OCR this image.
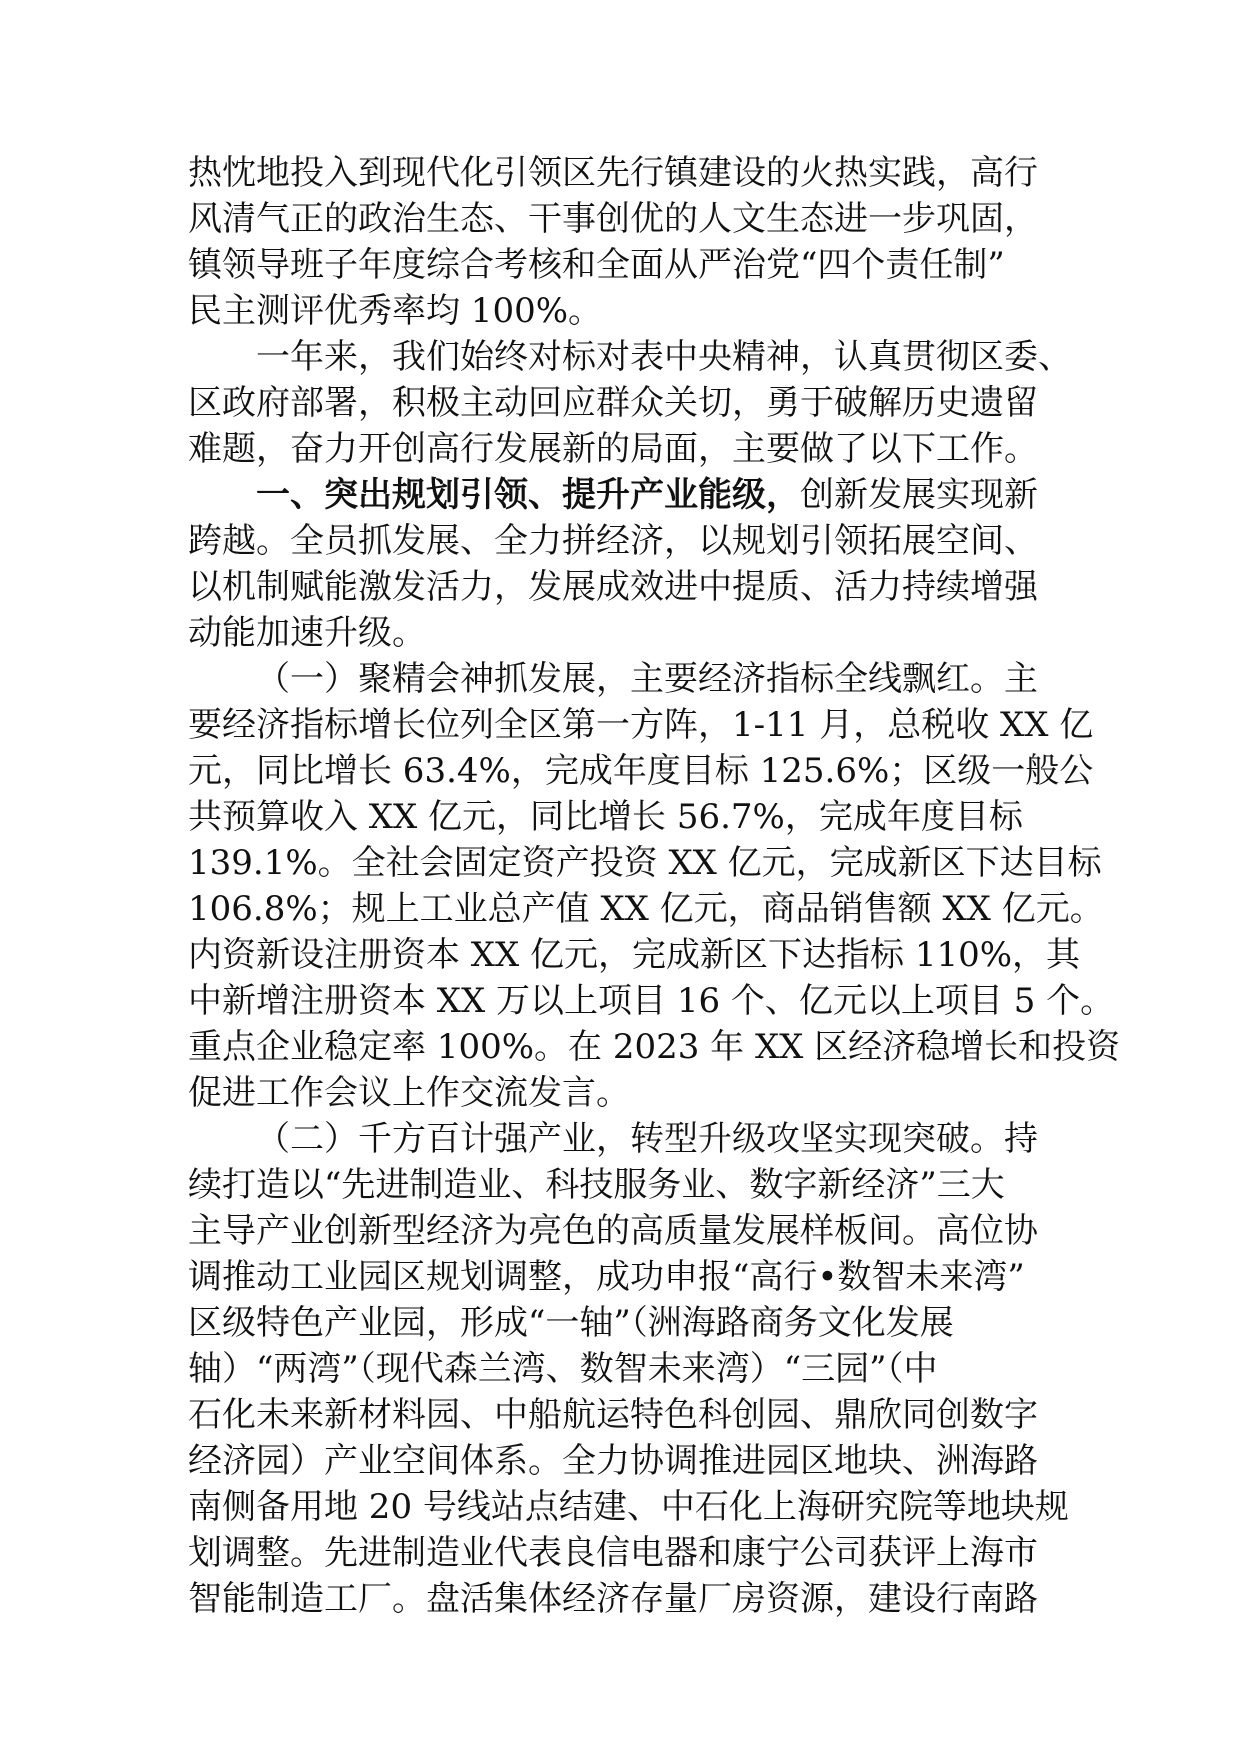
热忱地投入到现代化引领区先行镇建设的火热实践，高行
风清气正的政治生态、干事创优的人文生态进一步巩固，
镇领导班子年度综合考核和全面从严治党“四个责任制”
民主测评优秀率均 100%。
一年来，我们始终对标对表中央精神，认真贯彻区委、
区政府部署，积极主动回应群众关切，勇于破解历史遗留
难题，奋力开创高行发展新的局面，主要做了以下工作。
一、突出规划引领、提升产业能级，创新发展实现新
跨越。全员抓发展、全力拼经济，以规划引领拓展空间、
以机制赋能激发活力，发展成效进中提质、活力持续增强
动能加速升级。
（一）聚精会神抓发展，主要经济指标全线飘红。主
要经济指标增长位列全区第一方阵，1-11 月，总税收 XX 亿
元，同比增长 63.4%，完成年度目标 125.6%；区级一般公
共预算收入 XX 亿元，同比增长 56.7%，完成年度目标
139.1%。全社会固定资产投资 XX 亿元，完成新区下达目标
106.8%；规上工业总产值 XX 亿元，商品销售额 XX 亿元。
内资新设注册资本 XX 亿元，完成新区下达指标 110%，其
中新增注册资本 XX 万以上项目 16 个、亿元以上项目 5 个。
重点企业稳定率 100%。在 2023 年 XX 区经济稳增长和投资
促进工作会议上作交流发言。
（二）千方百计强产业，转型升级攻坚实现突破。持
续打造以“先进制造业、科技服务业、数字新经济”三大
主导产业创新型经济为亮色的高质量发展样板间。高位协
调推动工业园区规划调整，成功申报“高行•数智未来湾”
区级特色产业园，形成“一轴”（洲海路商务文化发展
轴）“两湾”（现代森兰湾、数智未来湾）“三园”（中
石化未来新材料园、中船航运特色科创园、鼎欣同创数字
经济园）产业空间体系。全力协调推进园区地块、洲海路
南侧备用地 20 号线站点结建、中石化上海研究院等地块规
划调整。先进制造业代表良信电器和康宁公司获评上海市
智能制造工厂。盘活集体经济存量厂房资源，建设行南路
